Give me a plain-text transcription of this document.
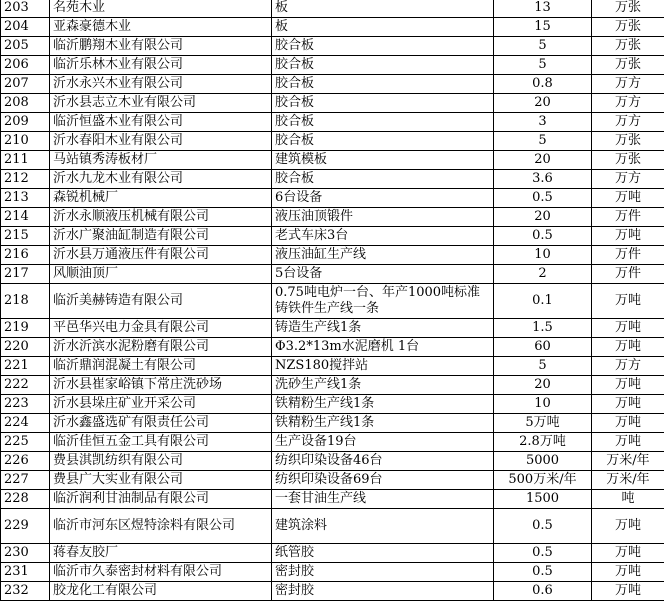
203	名苑木业	板	13	万张
204	亚森豪德木业	板	15	万张
205	临沂鹏翔木业有限公司	胶合板	5	万张
206	临沂乐林木业有限公司	胶合板	5	万张
207	沂水永兴木业有限公司	胶合板	0.8	万方
208	沂水县志立木业有限公司	胶合板	20	万方
209	临沂恒盛木业有限公司	胶合板	3	万方
210	沂水春阳木业有限公司	胶合板	5	万张
211	马站镇秀涛板材厂	建筑模板	20	万张
212	沂水九龙木业有限公司	胶合板	3.6	万方
213	森锐机械厂	6台设备	0.5	万吨
214	沂水永顺液压机械有限公司	液压油顶锻件	20	万件
215	沂水广聚油缸制造有限公司	老式车床3台	0.5	万吨
216	沂水县万通液压件有限公司	液压油缸生产线	10	万件
217	风顺油顶厂	5台设备	2	万件
218	临沂美赫铸造有限公司	0.75吨电炉一台、年产1000吨标准铸铁件生产线一条	0.1	万吨
219	平邑华兴电力金具有限公司	铸造生产线1条	1.5	万吨
220	沂水沂滨水泥粉磨有限公司	Φ3.2*13m水泥磨机 1台	60	万吨
221	临沂鼎润混凝土有限公司	NZS180搅拌站	5	万方
222	沂水县崔家峪镇下常庄洗砂场	洗砂生产线1条	20	万吨
223	沂水县垛庄矿业开采公司	铁精粉生产线1条	10	万吨
224	沂水鑫盛选矿有限责任公司	铁精粉生产线1条	5万吨	万吨
225	临沂佳恒五金工具有限公司	生产设备19台	2.8万吨	万吨
226	费县淇凯纺织有限公司	纺织印染设备46台	5000	万米/年
227	费县广大实业有限公司	纺织印染设备69台	500万米/年	万米/年
228	临沂润利甘油制品有限公司	一套甘油生产线	1500	吨
229	临沂市河东区煜特涂料有限公司	建筑涂料	0.5	万吨
230	蒋春友胶厂	纸管胶	0.5	万吨
231	临沂市久泰密封材料有限公司	密封胶	0.5	万吨
232	胶龙化工有限公司	密封胶	0.6	万吨
